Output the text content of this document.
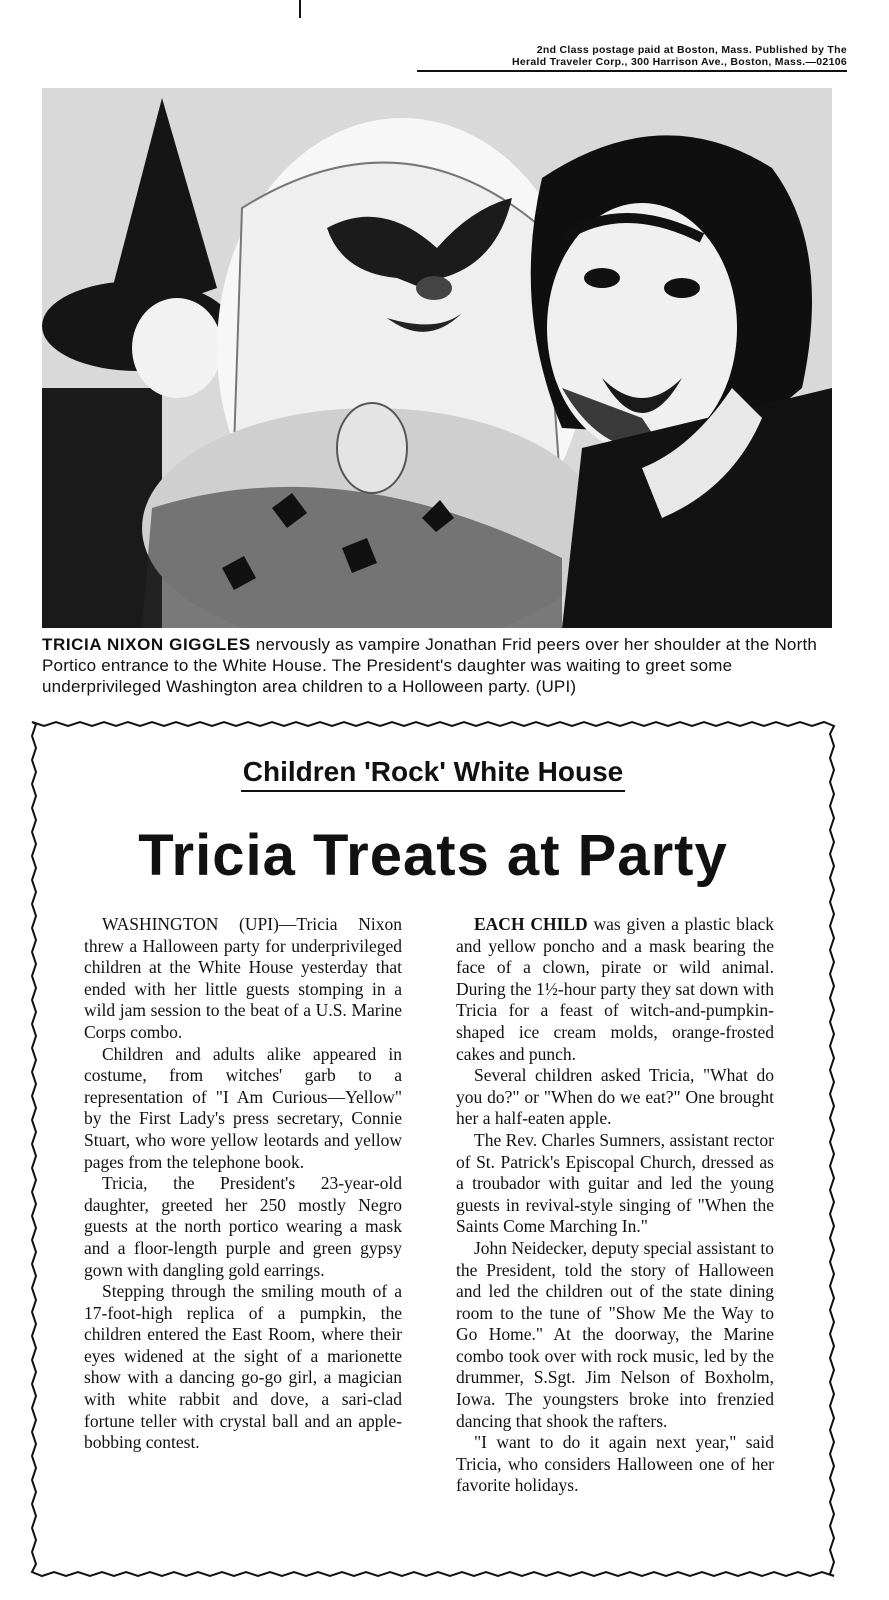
2nd Class postage paid at Boston, Mass. Published by The
Herald Traveler Corp., 300 Harrison Ave., Boston, Mass.—02106
TRICIA NIXON GIGGLES nervously as vampire Jonathan Frid peers over her shoulder at the North Portico entrance to the White House. The President's daughter was waiting to greet some underprivileged Washington area children to a Holloween party. (UPI)
Children 'Rock' White House
Tricia Treats at Party

WASHINGTON (UPI)—Tricia Nixon threw a Halloween party for underprivileged children at the White House yesterday that ended with her little guests stomping in a wild jam session to the beat of a U.S. Marine Corps combo.

Children and adults alike appeared in costume, from witches' garb to a representation of "I Am Curious—Yellow" by the First Lady's press secretary, Connie Stuart, who wore yellow leotards and yellow pages from the telephone book.

Tricia, the President's 23-year-old daughter, greeted her 250 mostly Negro guests at the north portico wearing a mask and a floor-length purple and green gypsy gown with dangling gold earrings.

Stepping through the smiling mouth of a 17-foot-high replica of a pumpkin, the children entered the East Room, where their eyes widened at the sight of a marionette show with a dancing go-go girl, a magician with white rabbit and dove, a sari-clad fortune teller with crystal ball and an apple-bobbing contest.

EACH CHILD was given a plastic black and yellow poncho and a mask bearing the face of a clown, pirate or wild animal. During the 1½-hour party they sat down with Tricia for a feast of witch-and-pumpkin-shaped ice cream molds, orange-frosted cakes and punch.

Several children asked Tricia, "What do you do?" or "When do we eat?" One brought her a half-eaten apple.

The Rev. Charles Sumners, assistant rector of St. Patrick's Episcopal Church, dressed as a troubador with guitar and led the young guests in revival-style singing of "When the Saints Come Marching In."

John Neidecker, deputy special assistant to the President, told the story of Halloween and led the children out of the state dining room to the tune of "Show Me the Way to Go Home." At the doorway, the Marine combo took over with rock music, led by the drummer, S.Sgt. Jim Nelson of Boxholm, Iowa. The youngsters broke into frenzied dancing that shook the rafters.

"I want to do it again next year," said Tricia, who considers Halloween one of her favorite holidays.
